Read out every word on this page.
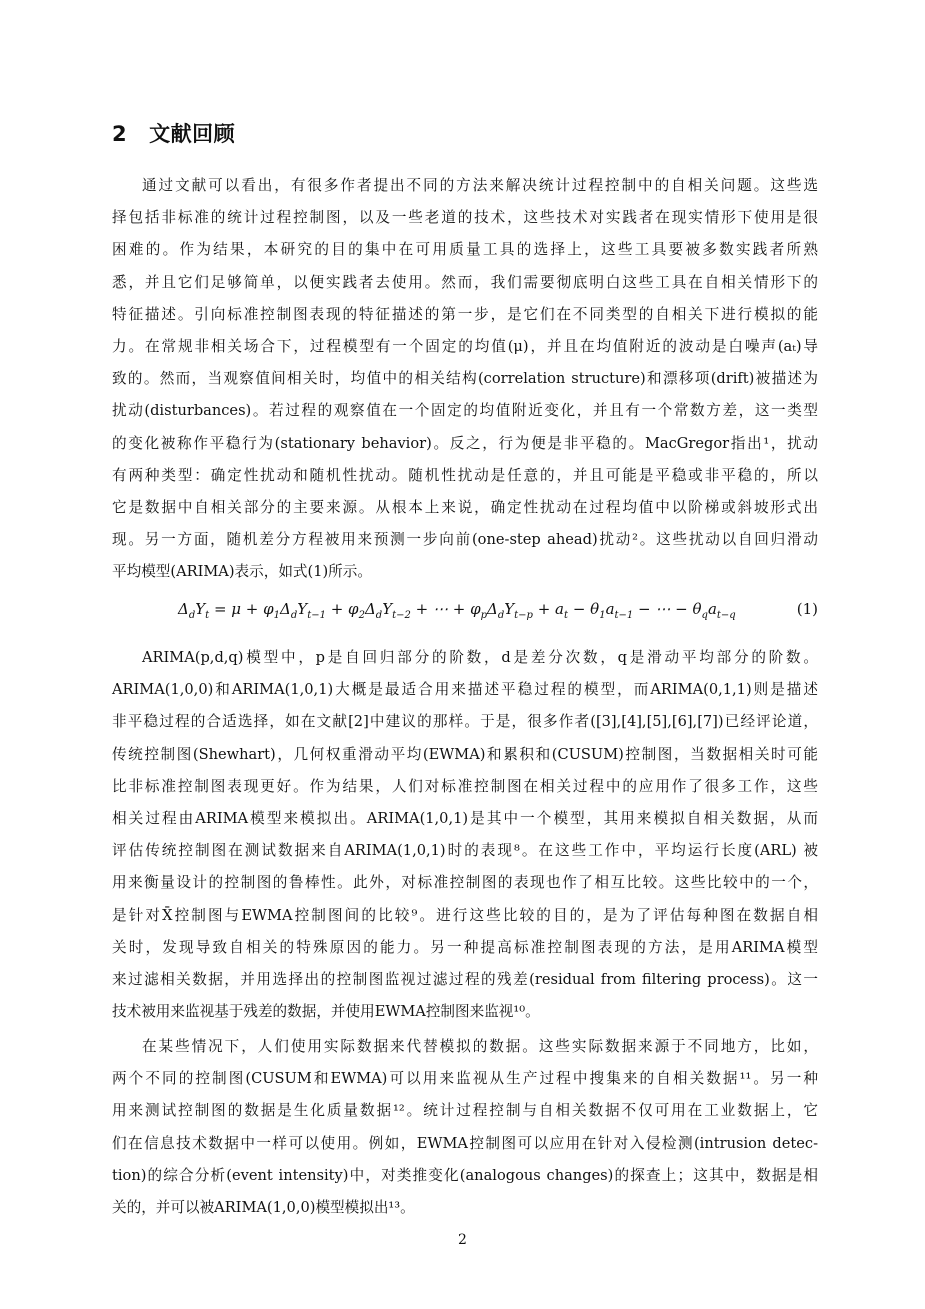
2 文献回顾
通过文献可以看出，有很多作者提出不同的方法来解决统计过程控制中的自相关问题。这些选
择包括非标准的统计过程控制图，以及一些老道的技术，这些技术对实践者在现实情形下使用是很
困难的。作为结果，本研究的目的集中在可用质量工具的选择上，这些工具要被多数实践者所熟
悉，并且它们足够简单，以便实践者去使用。然而，我们需要彻底明白这些工具在自相关情形下的
特征描述。引向标准控制图表现的特征描述的第一步，是它们在不同类型的自相关下进行模拟的能
力。在常规非相关场合下，过程模型有一个固定的均值(μ)，并且在均值附近的波动是白噪声(aₜ)导
致的。然而，当观察值间相关时，均值中的相关结构(correlation structure)和漂移项(drift)被描述为
扰动(disturbances)。若过程的观察值在一个固定的均值附近变化，并且有一个常数方差，这一类型
的变化被称作平稳行为(stationary behavior)。反之，行为便是非平稳的。MacGregor指出¹，扰动
有两种类型：确定性扰动和随机性扰动。随机性扰动是任意的，并且可能是平稳或非平稳的，所以
它是数据中自相关部分的主要来源。从根本上来说，确定性扰动在过程均值中以阶梯或斜坡形式出
现。另一方面，随机差分方程被用来预测一步向前(one-step ahead)扰动²。这些扰动以自回归滑动
平均模型(ARIMA)表示，如式(1)所示。
$\Delta_dY_t = \mu + \varphi_1\Delta_dY_{t-1} + \varphi_2\Delta_dY_{t-2}$ + ⋯ + $\varphi_p\Delta_dY_{t-p} + a_t - \theta_1a_{t-1}$ − ⋯ − $\theta_qa_{t-q}$	(1)
ARIMA(p,d,q)模型中，p是自回归部分的阶数，d是差分次数，q是滑动平均部分的阶数。
ARIMA(1,0,0)和ARIMA(1,0,1)大概是最适合用来描述平稳过程的模型，而ARIMA(0,1,1)则是描述
非平稳过程的合适选择，如在文献[2]中建议的那样。于是，很多作者([3],[4],[5],[6],[7])已经评论道，
传统控制图(Shewhart)，几何权重滑动平均(EWMA)和累积和(CUSUM)控制图，当数据相关时可能
比非标准控制图表现更好。作为结果，人们对标准控制图在相关过程中的应用作了很多工作，这些
相关过程由ARIMA模型来模拟出。ARIMA(1,0,1)是其中一个模型，其用来模拟自相关数据，从而
评估传统控制图在测试数据来自ARIMA(1,0,1)时的表现⁸。在这些工作中，平均运行长度(ARL) 被
用来衡量设计的控制图的鲁棒性。此外，对标准控制图的表现也作了相互比较。这些比较中的一个，
是针对X̄控制图与EWMA控制图间的比较⁹。进行这些比较的目的，是为了评估每种图在数据自相
关时，发现导致自相关的特殊原因的能力。另一种提高标准控制图表现的方法，是用ARIMA模型
来过滤相关数据，并用选择出的控制图监视过滤过程的残差(residual from filtering process)。这一
技术被用来监视基于残差的数据，并使用EWMA控制图来监视¹⁰。
在某些情况下，人们使用实际数据来代替模拟的数据。这些实际数据来源于不同地方，比如，
两个不同的控制图(CUSUM和EWMA)可以用来监视从生产过程中搜集来的自相关数据¹¹。另一种
用来测试控制图的数据是生化质量数据¹²。统计过程控制与自相关数据不仅可用在工业数据上，它
们在信息技术数据中一样可以使用。例如，EWMA控制图可以应用在针对入侵检测(intrusion detec-
tion)的综合分析(event intensity)中，对类推变化(analogous changes)的探查上；这其中，数据是相
关的，并可以被ARIMA(1,0,0)模型模拟出¹³。
2
